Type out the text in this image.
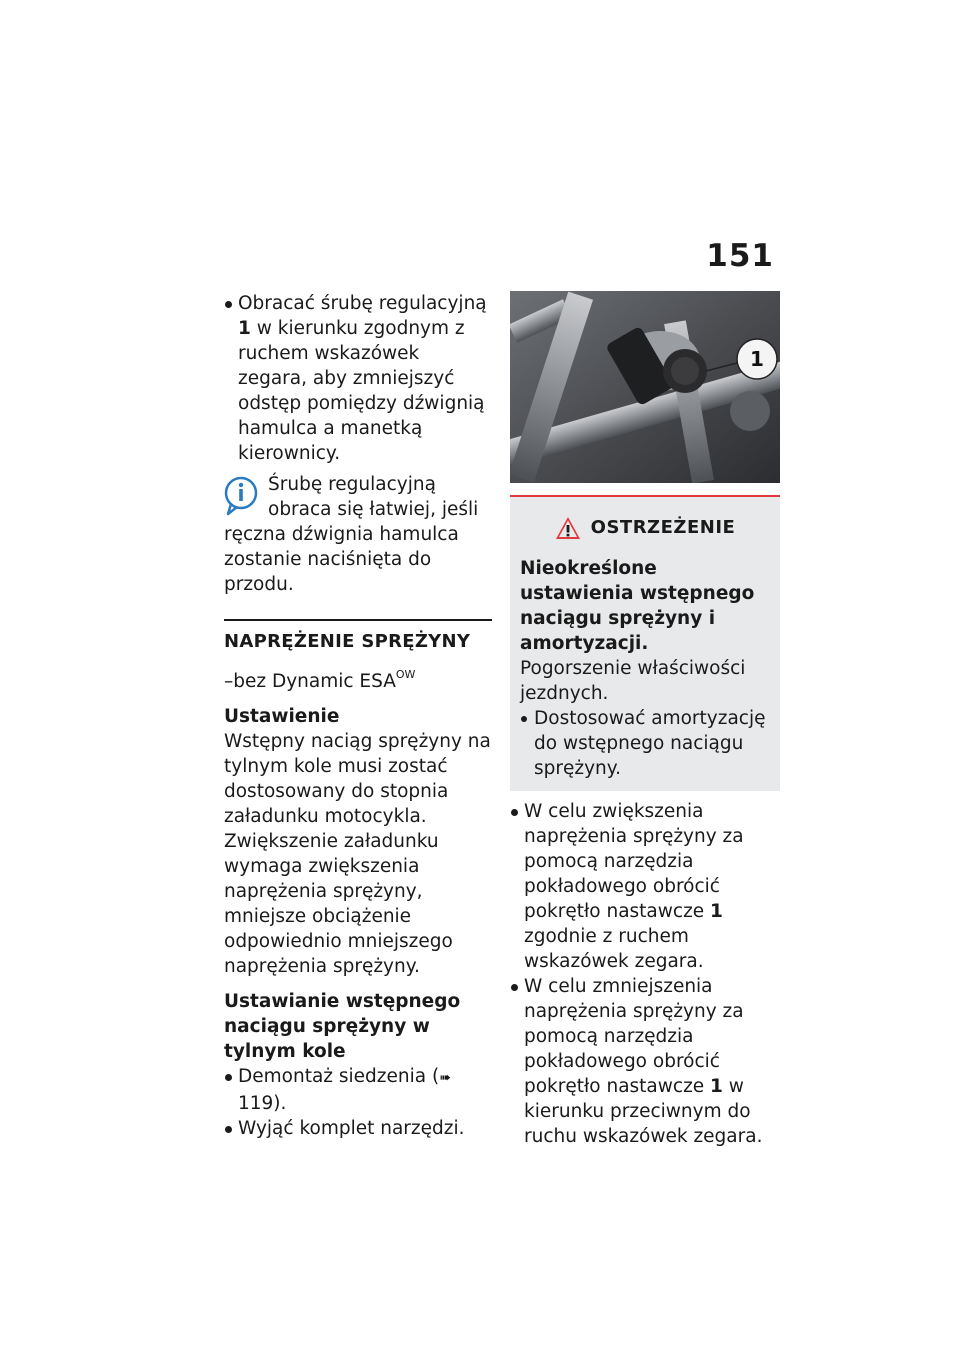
151
Obracać śrubę regulacyjną 1 w kierunku zgodnym z ruchem wskazówek zegara, aby zmniejszyć odstęp pomiędzy dźwignią hamulca a manetką kierownicy.
Śrubę regulacyjną obraca się łatwiej, jeśli ręczna dźwignia hamulca zostanie naciśnięta do przodu.
NAPRĘŻENIE SPRĘŻYNY
–bez Dynamic $ESA^{OW}$
Ustawienie

Wstępny naciąg sprężyny na tylnym kole musi zostać dostosowany do stopnia załadunku motocykla. Zwiększenie załadunku wymaga zwiększenia naprężenia sprężyny, mniejsze obciążenie odpowiednio mniejszego naprężenia sprężyny.

Ustawianie wstępnego naciągu sprężyny w tylnym kole
Demontaż siedzenia (➠ 119).
Wyjąć komplet narzędzi.
1
OSTRZEŻENIE
Nieokreślone ustawienia wstępnego naciągu sprężyny i amortyzacji.
Pogorszenie właściwości jezdnych.
Dostosować amortyzację do wstępnego naciągu sprężyny.
W celu zwiększenia naprężenia sprężyny za pomocą narzędzia pokładowego obrócić pokrętło nastawcze 1 zgodnie z ruchem wskazówek zegara.
W celu zmniejszenia naprężenia sprężyny za pomocą narzędzia pokładowego obrócić pokrętło nastawcze 1 w kierunku przeciwnym do ruchu wskazówek zegara.
